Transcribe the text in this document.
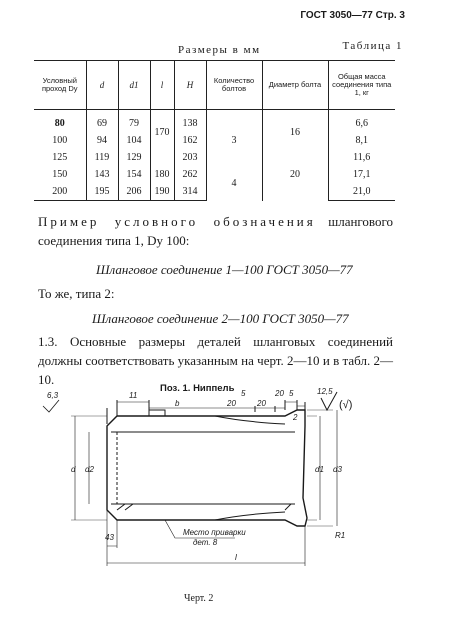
ГОСТ 3050—77 Стр. 3
Размеры в мм	Таблица 1
Условный проход Dy	d	d1	l	H	Количество болтов	Диаметр болта	Общая масса соединения типа 1, кг

80	69	79	170	138	3	16	6,6
100	94	104		162			8,1
125	119	129		203		20	11,6
150	143	154	180	262	4		17,1
200	195	206	190	314			21,0
Пример условного обозначения шлангового соединения типа 1, Dy 100:
Шланговое соединение 1—100 ГОСТ 3050—77
То же, типа 2:
Шланговое соединение 2—100 ГОСТ 3050—77
1.3. Основные размеры деталей шланговых соединений должны соответствовать указанным на черт. 2—10 и в табл. 2—10.
Поз. 1. Ниппель	12,5
(√)
6,3	11
b	20	20
5	20 5
d d2	d1 d3
2
43
Место приварки
дет. 8
R1
l
Черт. 2
